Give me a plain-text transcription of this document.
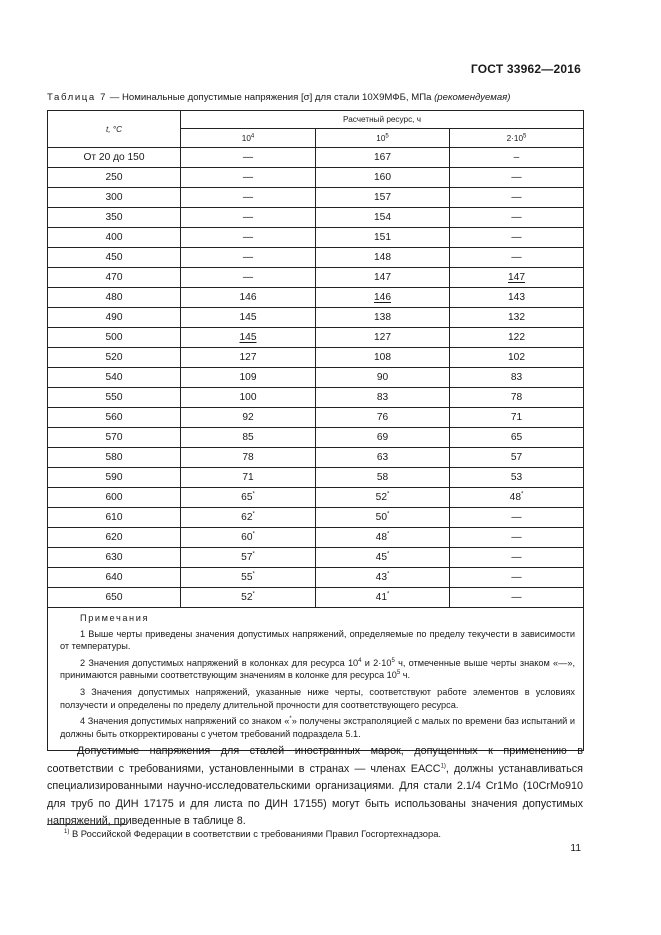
ГОСТ 33962—2016
Таблица 7 — Номинальные допустимые напряжения [σ] для стали 10Х9МФБ, МПа (рекомендуемая)
t, °C	Расчетный ресурс, ч		
	$10^4$	$10^5$	$2\cdot 10^5$
От 20 до 150	—	167	–
250	—	160	—
300	—	157	—
350	—	154	—
400	—	151	—
450	—	148	—
470	—	147	147
480	146	146	143
490	145	138	132
500	145	127	122
520	127	108	102
540	109	90	83
550	100	83	78
560	92	76	71
570	85	69	65
580	78	63	57
590	71	58	53
600	65*	52*	48*
610	62*	50*	—
620	60*	48*	—
630	57*	45*	—
640	55*	43*	—
650	52*	41*	—

Примечания
1 Выше черты приведены значения допустимых напряжений, определяемые по пределу текучести в зависимости от температуры.
2 Значения допустимых напряжений в колонках для ресурса $10^4$ и $2\cdot 10^5$ ч, отмеченные выше черты знаком «—», принимаются равными соответствующим значениям в колонке для ресурса $10^5$ ч.
3 Значения допустимых напряжений, указанные ниже черты, соответствуют работе элементов в условиях ползучести и определены по пределу длительной прочности для соответствующего ресурса.
4 Значения допустимых напряжений со знаком «*» получены экстраполяцией с малых по времени баз испытаний и должны быть откорректированы с учетом требований подраздела 5.1.			
Допустимые напряжения для сталей иностранных марок, допущенных к применению в соответствии с требованиями, установленными в странах — членах ЕАСС$^{1)}$, должны устанавливаться специализированными научно-исследовательскими организациями. Для стали 2.1/4 Cr1Mo (10CrMo910 для труб по ДИН 17175 и для листа по ДИН 17155) могут быть использованы значения допустимых напряжений, приведенные в таблице 8.
$^{1)}$ В Российской Федерации в соответствии с требованиями Правил Госгортехнадзора.
11
